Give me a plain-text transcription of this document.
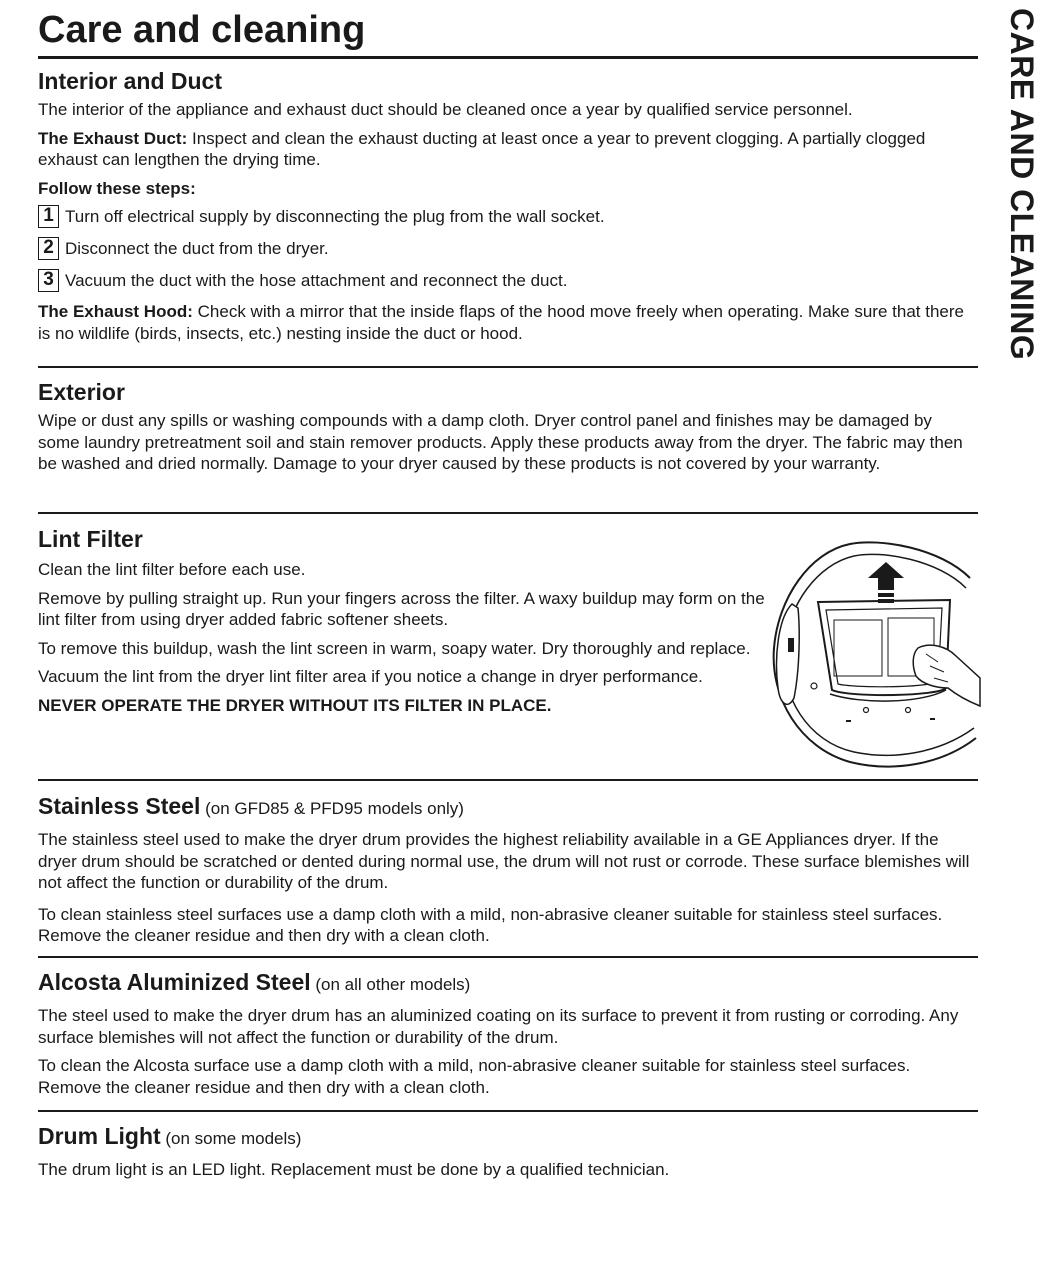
CARE AND CLEANING
Care and cleaning
Interior and Duct

The interior of the appliance and exhaust duct should be cleaned once a year by qualified service personnel.

The Exhaust Duct: Inspect and clean the exhaust ducting at least once a year to prevent clogging. A partially clogged exhaust can lengthen the drying time.

Follow these steps:

1 Turn off electrical supply by disconnecting the plug from the wall socket.
2 Disconnect the duct from the dryer.
3 Vacuum the duct with the hose attachment and reconnect the duct.

The Exhaust Hood: Check with a mirror that the inside flaps of the hood move freely when operating. Make sure that there is no wildlife (birds, insects, etc.) nesting inside the duct or hood.

Exterior

Wipe or dust any spills or washing compounds with a damp cloth. Dryer control panel and finishes may be damaged by some laundry pretreatment soil and stain remover products. Apply these products away from the dryer. The fabric may then be washed and dried normally. Damage to your dryer caused by these products is not covered by your warranty.

Lint Filter

Clean the lint filter before each use.

Remove by pulling straight up. Run your fingers across the filter. A waxy buildup may form on the lint filter from using dryer added fabric softener sheets.

To remove this buildup, wash the lint screen in warm, soapy water. Dry thoroughly and replace.

Vacuum the lint from the dryer lint filter area if you notice a change in dryer performance.

NEVER OPERATE THE DRYER WITHOUT ITS FILTER IN PLACE.

Stainless Steel (on GFD85 & PFD95 models only)

The stainless steel used to make the dryer drum provides the highest reliability available in a GE Appliances dryer. If the dryer drum should be scratched or dented during normal use, the drum will not rust or corrode. These surface blemishes will not affect the function or durability of the drum.

To clean stainless steel surfaces use a damp cloth with a mild, non-abrasive cleaner suitable for stainless steel surfaces. Remove the cleaner residue and then dry with a clean cloth.

Alcosta Aluminized Steel (on all other models)

The steel used to make the dryer drum has an aluminized coating on its surface to prevent it from rusting or corroding. Any surface blemishes will not affect the function or durability of the drum.

To clean the Alcosta surface use a damp cloth with a mild, non-abrasive cleaner suitable for stainless steel surfaces. Remove the cleaner residue and then dry with a clean cloth.

Drum Light (on some models)

The drum light is an LED light. Replacement must be done by a qualified technician.
